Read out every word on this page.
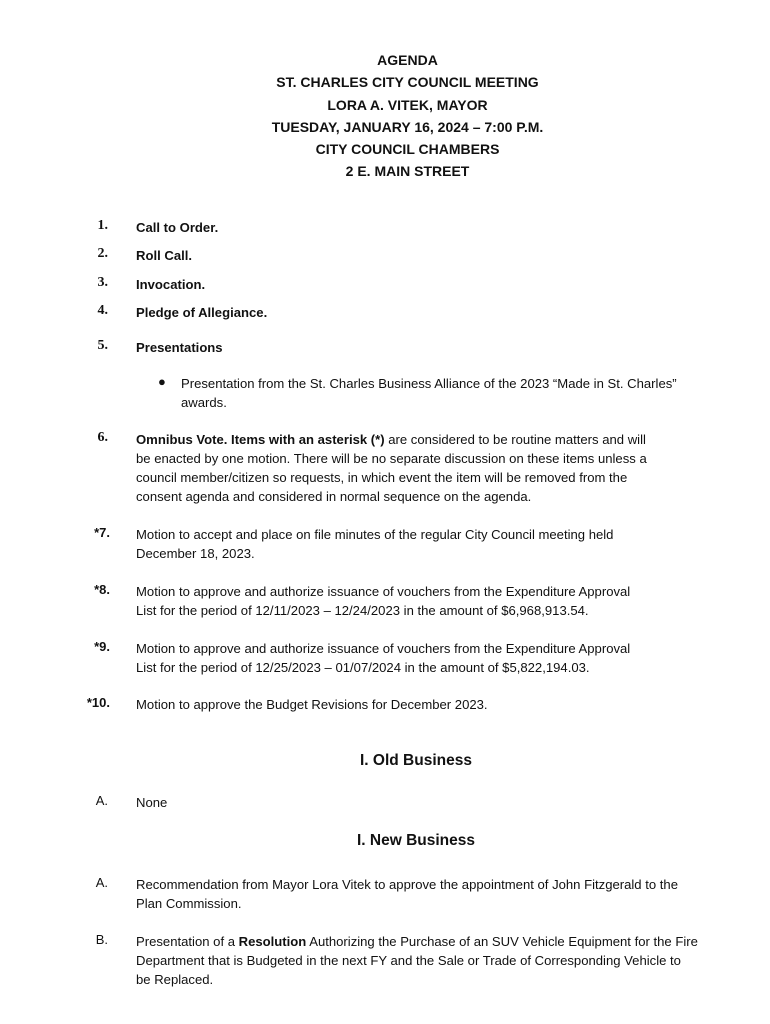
AGENDA
ST. CHARLES CITY COUNCIL MEETING
LORA A. VITEK, MAYOR
TUESDAY, JANUARY 16, 2024 – 7:00 P.M.
CITY COUNCIL CHAMBERS
2 E. MAIN STREET
1. Call to Order.
2. Roll Call.
3. Invocation.
4. Pledge of Allegiance.
5. Presentations
● Presentation from the St. Charles Business Alliance of the 2023 “Made in St. Charles”
awards.
6. Omnibus Vote. Items with an asterisk (*) are considered to be routine matters and will
be enacted by one motion. There will be no separate discussion on these items unless a
council member/citizen so requests, in which event the item will be removed from the
consent agenda and considered in normal sequence on the agenda.
*7. Motion to accept and place on file minutes of the regular City Council meeting held
December 18, 2023.
*8. Motion to approve and authorize issuance of vouchers from the Expenditure Approval
List for the period of 12/11/2023 – 12/24/2023 in the amount of $6,968,913.54.
*9. Motion to approve and authorize issuance of vouchers from the Expenditure Approval
List for the period of 12/25/2023 – 01/07/2024 in the amount of $5,822,194.03.
*10. Motion to approve the Budget Revisions for December 2023.
I. Old Business
A. None
I. New Business
A. Recommendation from Mayor Lora Vitek to approve the appointment of John Fitzgerald to the
Plan Commission.
B. Presentation of a Resolution Authorizing the Purchase of an SUV Vehicle Equipment for the Fire
Department that is Budgeted in the next FY and the Sale or Trade of Corresponding Vehicle to
be Replaced.
